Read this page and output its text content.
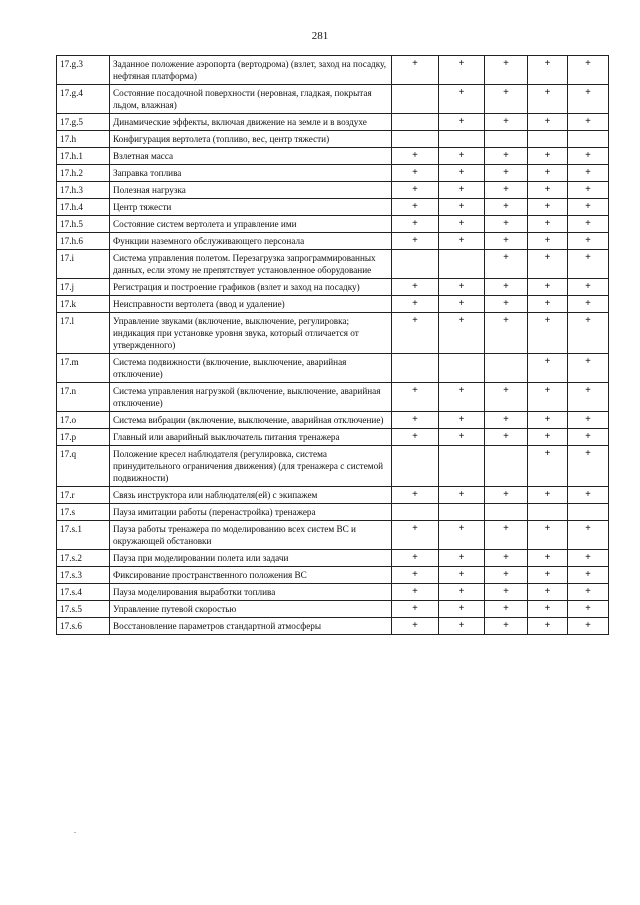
281
17.g.3	Заданное положение аэропорта (вертодрома) (взлет, заход на посадку, нефтяная платформа)	+	+	+	+	+
17.g.4	Состояние посадочной поверхности (неровная, гладкая, покрытая льдом, влажная)		+	+	+	+
17.g.5	Динамические эффекты, включая движение на земле и в воздухе		+	+	+	+
17.h	Конфигурация вертолета (топливо, вес, центр тяжести)					
17.h.1	Взлетная масса	+	+	+	+	+
17.h.2	Заправка топлива	+	+	+	+	+
17.h.3	Полезная нагрузка	+	+	+	+	+
17.h.4	Центр тяжести	+	+	+	+	+
17.h.5	Состояние систем вертолета и управление ими	+	+	+	+	+
17.h.6	Функции наземного обслуживающего персонала	+	+	+	+	+
17.i	Система управления полетом. Перезагрузка запрограммированных данных, если этому не препятствует установленное оборудование			+	+	+
17.j	Регистрация и построение графиков (взлет и заход на посадку)	+	+	+	+	+
17.k	Неисправности вертолета (ввод и удаление)	+	+	+	+	+
17.l	Управление звуками (включение, выключение, регулировка; индикация при установке уровня звука, который отличается от утвержденного)	+	+	+	+	+
17.m	Система подвижности (включение, выключение, аварийная отключение)				+	+
17.n	Система управления нагрузкой (включение, выключение, аварийная отключение)	+	+	+	+	+
17.o	Система вибрации (включение, выключение, аварийная отключение)	+	+	+	+	+
17.p	Главный или аварийный выключатель питания тренажера	+	+	+	+	+
17.q	Положение кресел наблюдателя (регулировка, система принудительного ограничения движения) (для тренажера с системой подвижности)				+	+
17.r	Связь инструктора или наблюдателя(ей) с экипажем	+	+	+	+	+
17.s	Пауза имитации работы (перенастройка) тренажера					
17.s.1	Пауза работы тренажера по моделированию всех систем ВС и окружающей обстановки	+	+	+	+	+
17.s.2	Пауза при моделировании полета или задачи	+	+	+	+	+
17.s.3	Фиксирование пространственного положения ВС	+	+	+	+	+
17.s.4	Пауза моделирования выработки топлива	+	+	+	+	+
17.s.5	Управление путевой скоростью	+	+	+	+	+
17.s.6	Восстановление параметров стандартной атмосферы	+	+	+	+	+
.
